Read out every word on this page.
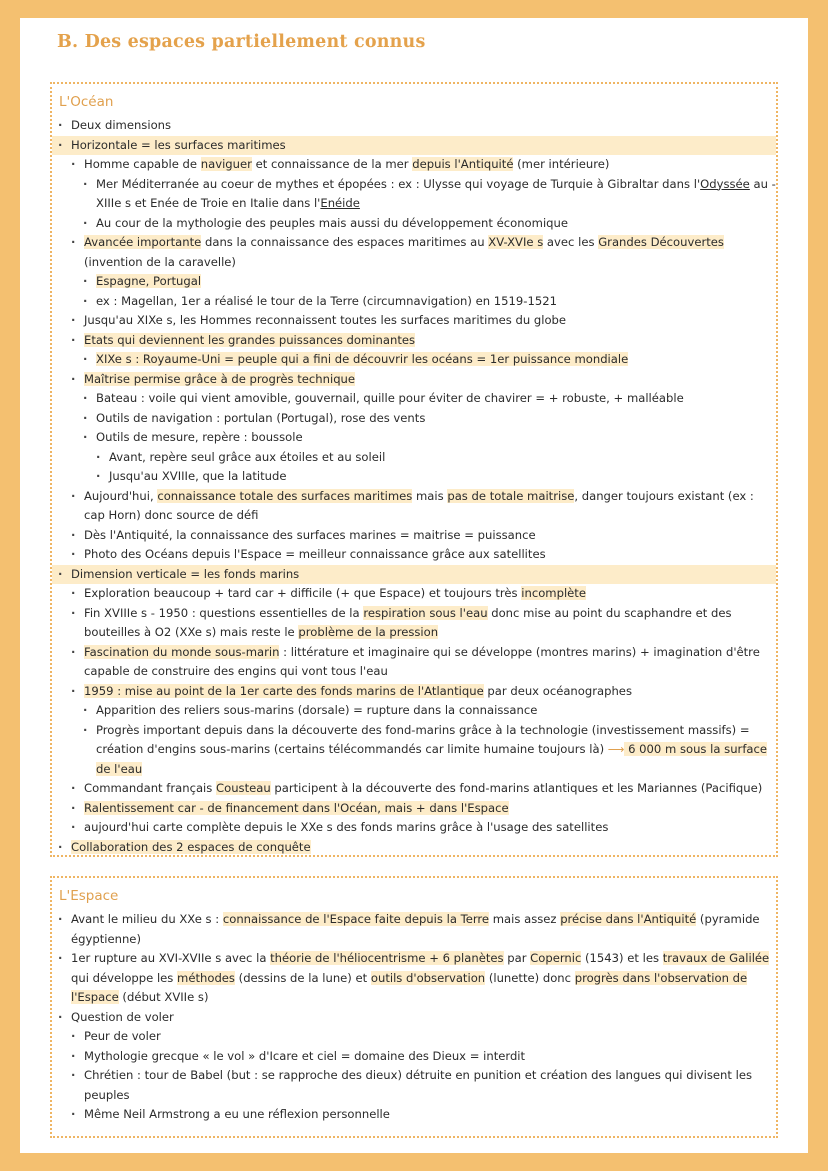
B. Des espaces partiellement connus
L'Océan
· Deux dimensions
· Horizontale = les surfaces maritimes
· Homme capable de naviguer et connaissance de la mer depuis l'Antiquité (mer intérieure)
· Mer Méditerranée au coeur de mythes et épopées : ex : Ulysse qui voyage de Turquie à Gibraltar dans l'Odyssée au - XIIIe s et Enée de Troie en Italie dans l'Enéide
· Au cour de la mythologie des peuples mais aussi du développement économique
· Avancée importante dans la connaissance des espaces maritimes au XV-XVIe s avec les Grandes Découvertes (invention de la caravelle)
· Espagne, Portugal
· ex : Magellan, 1er a réalisé le tour de la Terre (circumnavigation) en 1519-1521
· Jusqu'au XIXe s, les Hommes reconnaissent toutes les surfaces maritimes du globe
· Etats qui deviennent les grandes puissances dominantes
· XIXe s : Royaume-Uni = peuple qui a fini de découvrir les océans = 1er puissance mondiale
· Maîtrise permise grâce à de progrès technique
· Bateau : voile qui vient amovible, gouvernail, quille pour éviter de chavirer = + robuste, + malléable
· Outils de navigation : portulan (Portugal), rose des vents
· Outils de mesure, repère : boussole
· Avant, repère seul grâce aux étoiles et au soleil
· Jusqu'au XVIIIe, que la latitude
· Aujourd'hui, connaissance totale des surfaces maritimes mais pas de totale maitrise, danger toujours existant (ex : cap Horn) donc source de défi
· Dès l'Antiquité, la connaissance des surfaces marines = maitrise = puissance
· Photo des Océans depuis l'Espace = meilleur connaissance grâce aux satellites
· Dimension verticale = les fonds marins
· Exploration beaucoup + tard car + difficile (+ que Espace) et toujours très incomplète
· Fin XVIIIe s - 1950 : questions essentielles de la respiration sous l'eau donc mise au point du scaphandre et des bouteilles à O2 (XXe s) mais reste le problème de la pression
· Fascination du monde sous-marin : littérature et imaginaire qui se développe (montres marins) + imagination d'être capable de construire des engins qui vont tous l'eau
· 1959 : mise au point de la 1er carte des fonds marins de l'Atlantique par deux océanographes
· Apparition des reliers sous-marins (dorsale) = rupture dans la connaissance
· Progrès important depuis dans la découverte des fond-marins grâce à la technologie (investissement massifs) = création d'engins sous-marins (certains télécommandés car limite humaine toujours là) ⟶ 6 000 m sous la surface de l'eau
· Commandant français Cousteau participent à la découverte des fond-marins atlantiques et les Mariannes (Pacifique)
· Ralentissement car - de financement dans l'Océan, mais + dans l'Espace
· aujourd'hui carte complète depuis le XXe s des fonds marins grâce à l'usage des satellites
· Collaboration des 2 espaces de conquête
L'Espace
· Avant le milieu du XXe s : connaissance de l'Espace faite depuis la Terre mais assez précise dans l'Antiquité (pyramide égyptienne)
· 1er rupture au XVI-XVIIe s avec la théorie de l'héliocentrisme + 6 planètes par Copernic (1543) et les travaux de Galilée qui développe les méthodes (dessins de la lune) et outils d'observation (lunette) donc progrès dans l'observation de l'Espace (début XVIIe s)
· Question de voler
· Peur de voler
· Mythologie grecque « le vol » d'Icare et ciel = domaine des Dieux = interdit
· Chrétien : tour de Babel (but : se rapproche des dieux) détruite en punition et création des langues qui divisent les peuples
· Même Neil Armstrong a eu une réflexion personnelle
